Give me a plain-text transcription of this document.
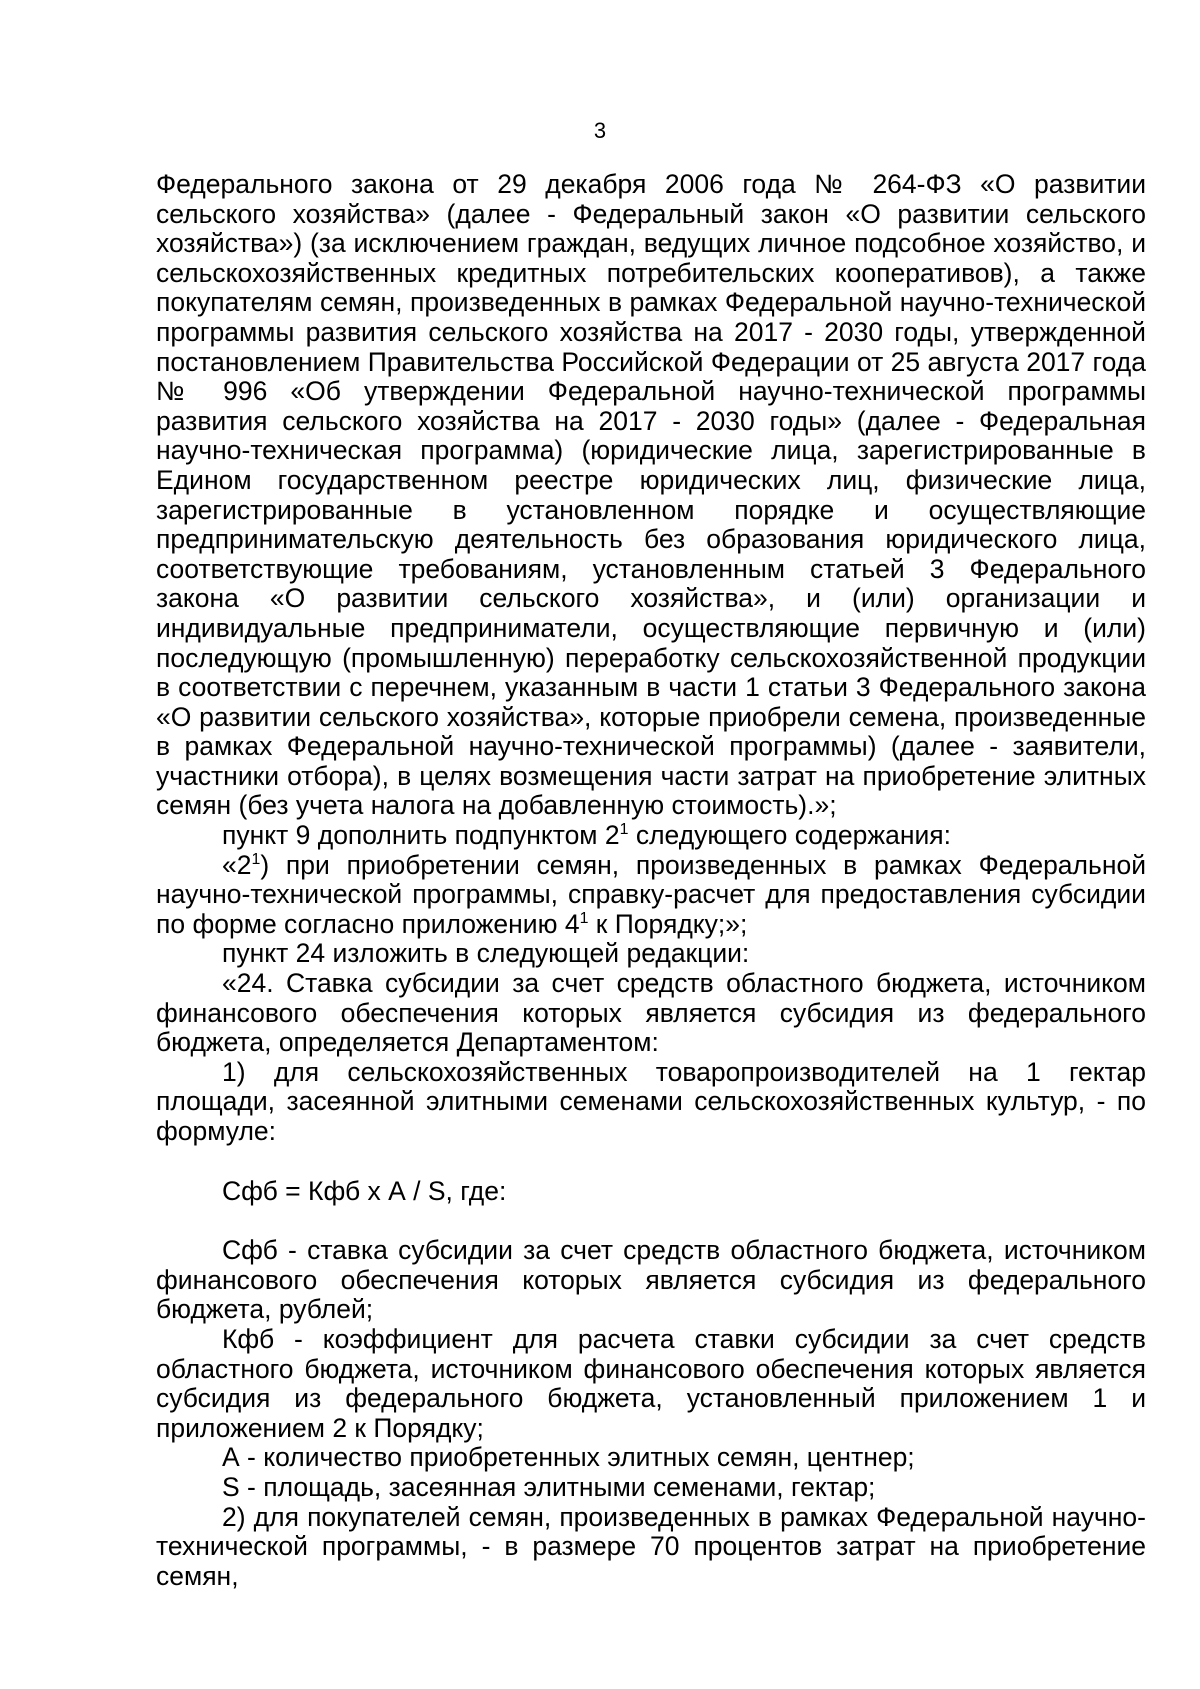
3

Федерального закона от 29 декабря 2006 года № 264-ФЗ «О развитии сельского хозяйства» (далее - Федеральный закон «О развитии сельского хозяйства») (за исключением граждан, ведущих личное подсобное хозяйство, и сельскохозяйственных кредитных потребительских кооперативов), а также покупателям семян, произведенных в рамках Федеральной научно-технической программы развития сельского хозяйства на 2017 - 2030 годы, утвержденной постановлением Правительства Российской Федерации от 25 августа 2017 года № 996 «Об утверждении Федеральной научно-технической программы развития сельского хозяйства на 2017 - 2030 годы» (далее - Федеральная научно-техническая программа) (юридические лица, зарегистрированные в Едином государственном реестре юридических лиц, физические лица, зарегистрированные в установленном порядке и осуществляющие предпринимательскую деятельность без образования юридического лица, соответствующие требованиям, установленным статьей 3 Федерального закона «О развитии сельского хозяйства», и (или) организации и индивидуальные предприниматели, осуществляющие первичную и (или) последующую (промышленную) переработку сельскохозяйственной продукции в соответствии с перечнем, указанным в части 1 статьи 3 Федерального закона «О развитии сельского хозяйства», которые приобрели семена, произведенные в рамках Федеральной научно-технической программы) (далее - заявители, участники отбора), в целях возмещения части затрат на приобретение элитных семян (без учета налога на добавленную стоимость).»;

пункт 9 дополнить подпунктом $2^1$ следующего содержания:

«$2^1$) при приобретении семян, произведенных в рамках Федеральной научно-технической программы, справку-расчет для предоставления субсидии по форме согласно приложению $4^1$ к Порядку;»;

пункт 24 изложить в следующей редакции:

«24. Ставка субсидии за счет средств областного бюджета, источником финансового обеспечения которых является субсидия из федерального бюджета, определяется Департаментом:

1) для сельскохозяйственных товаропроизводителей на 1 гектар площади, засеянной элитными семенами сельскохозяйственных культур, - по формуле:

Сфб = Кфб х А / S, где:

Сфб - ставка субсидии за счет средств областного бюджета, источником финансового обеспечения которых является субсидия из федерального бюджета, рублей;

Кфб - коэффициент для расчета ставки субсидии за счет средств областного бюджета, источником финансового обеспечения которых является субсидия из федерального бюджета, установленный приложением 1 и приложением 2 к Порядку;

А - количество приобретенных элитных семян, центнер;

S - площадь, засеянная элитными семенами, гектар;

2) для покупателей семян, произведенных в рамках Федеральной научно-технической программы, - в размере 70 процентов затрат на приобретение семян,
